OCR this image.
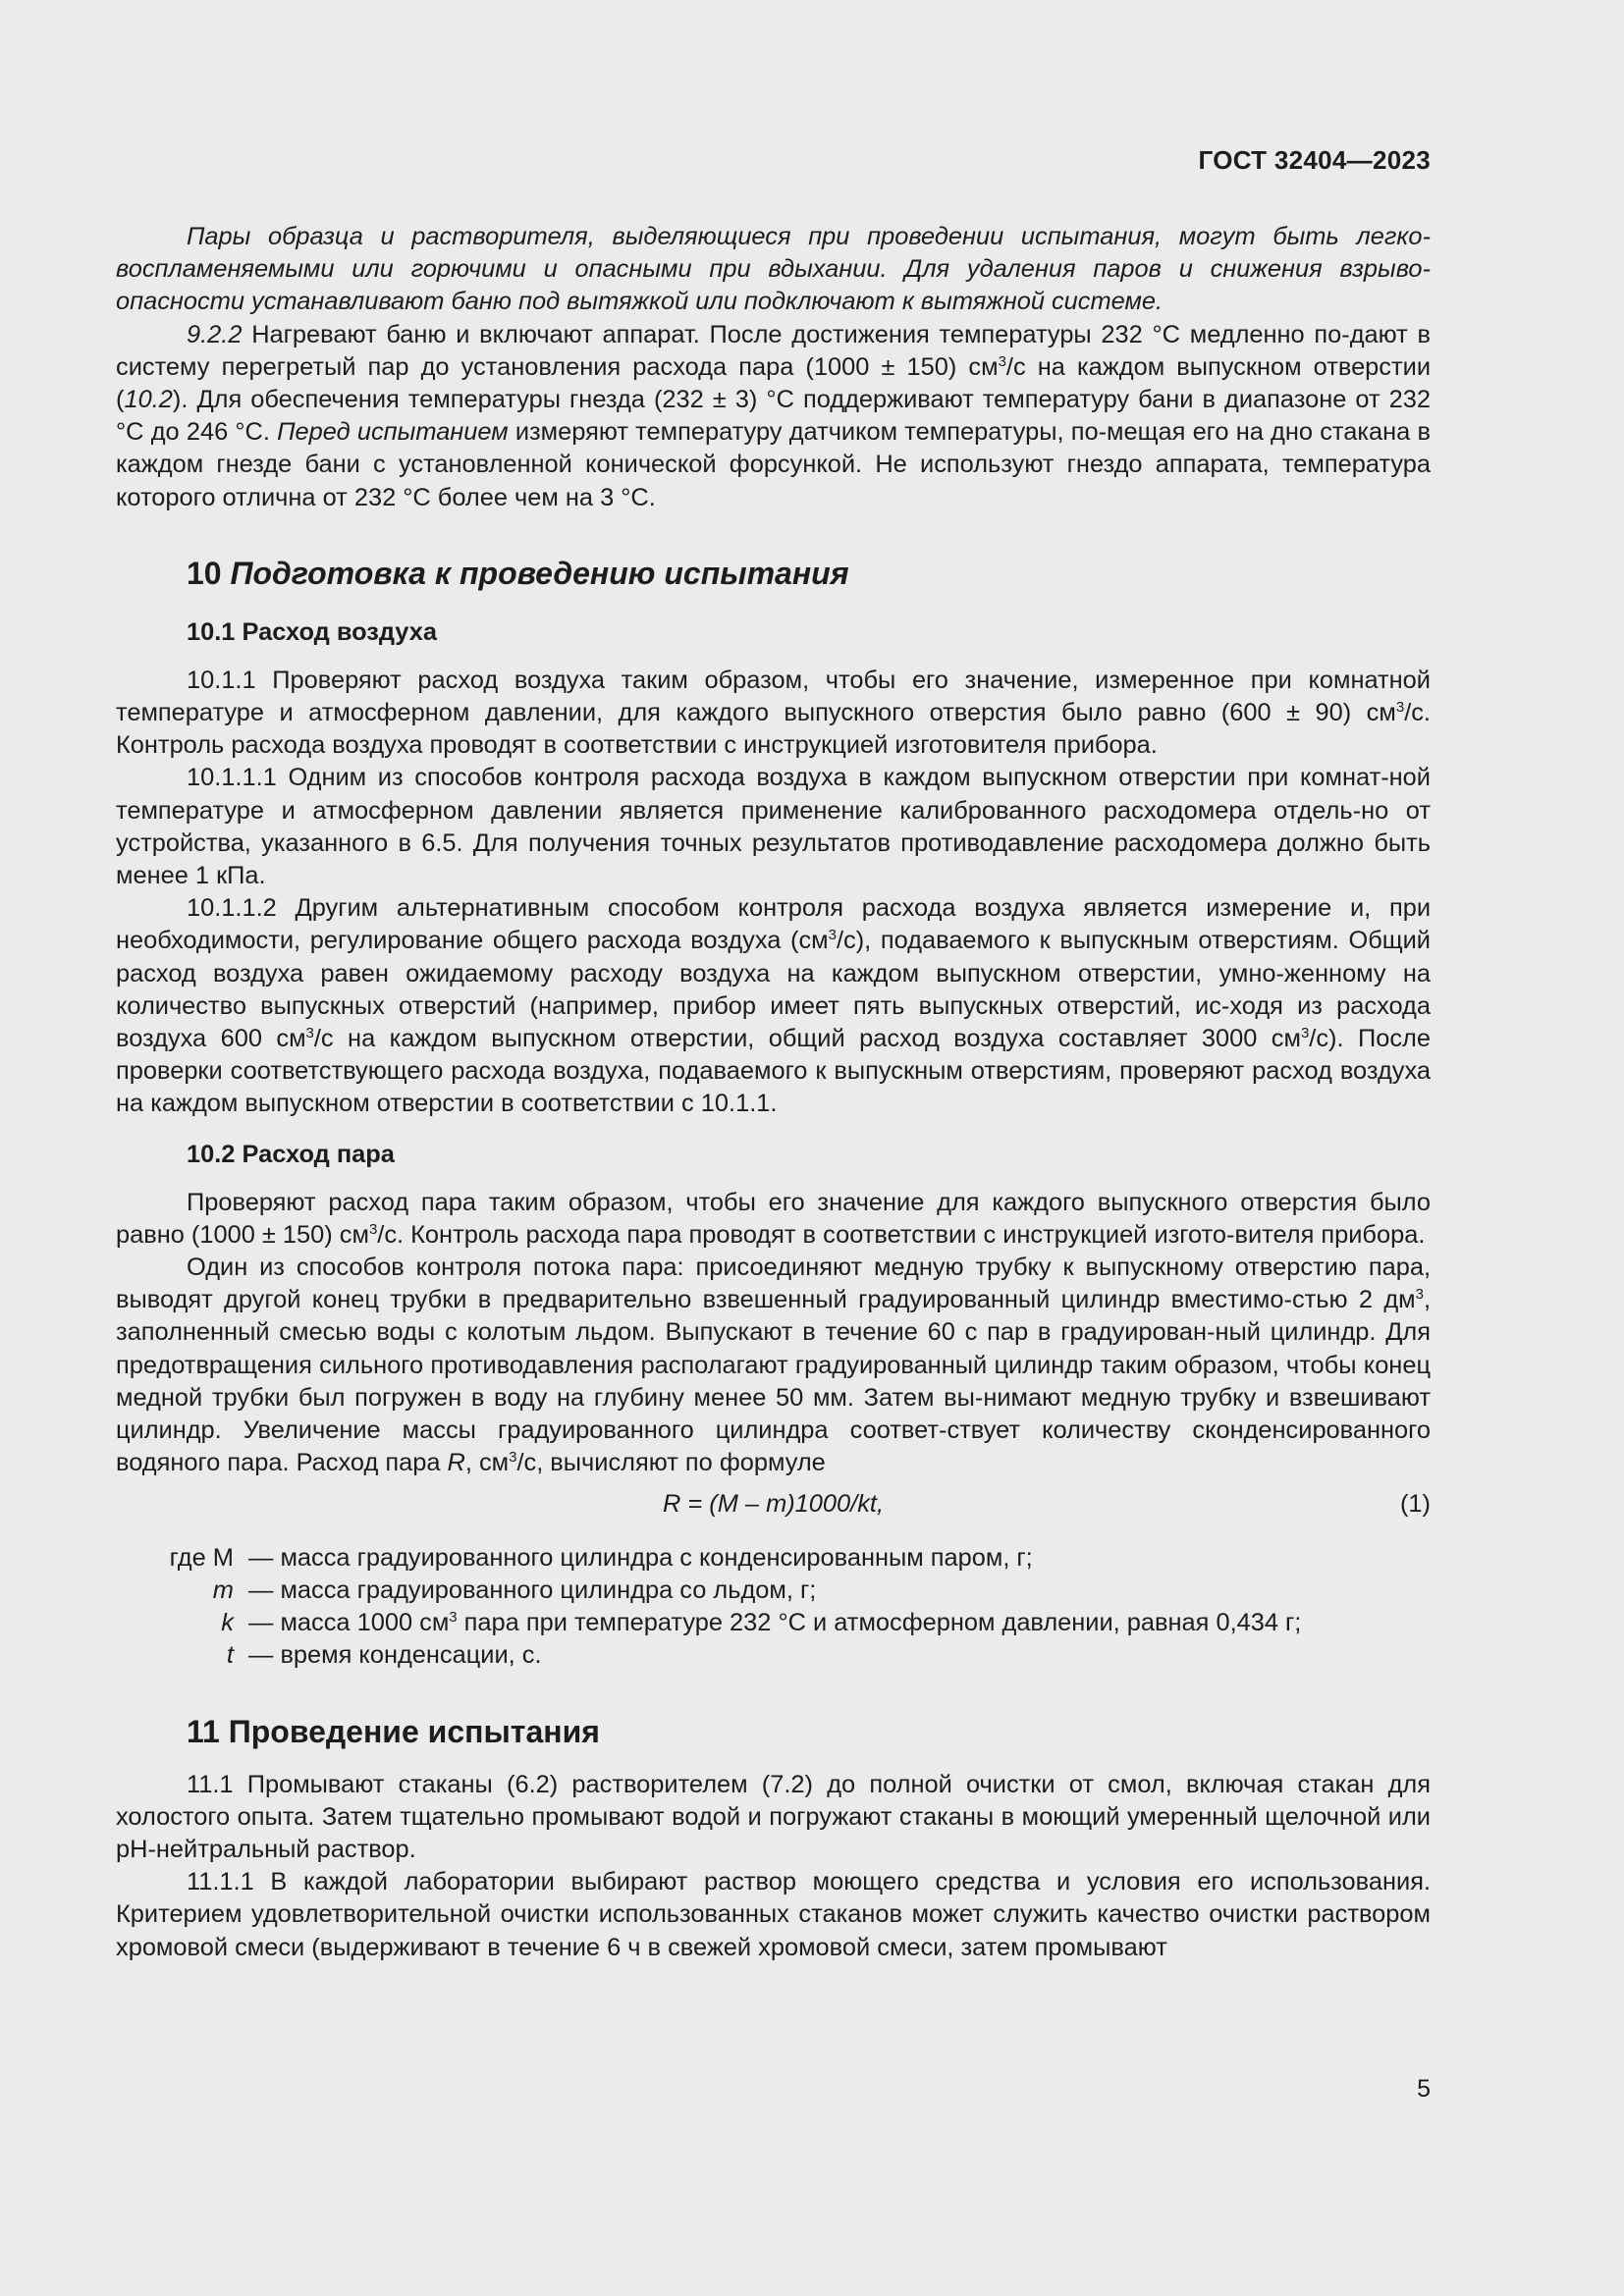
ГОСТ 32404—2023

Пары образца и растворителя, выделяющиеся при проведении испытания, могут быть легко-воспламеняемыми или горючими и опасными при вдыхании. Для удаления паров и снижения взрыво-опасности устанавливают баню под вытяжкой или подключают к вытяжной системе.

9.2.2 Нагревают баню и включают аппарат. После достижения температуры 232 °C медленно по-дают в систему перегретый пар до установления расхода пара (1000 ± 150) $см^3/с$ на каждом выпускном отверстии (10.2). Для обеспечения температуры гнезда (232 ± 3) °C поддерживают температуру бани в диапазоне от 232 °C до 246 °C. Перед испытанием измеряют температуру датчиком температуры, по-мещая его на дно стакана в каждом гнезде бани с установленной конической форсункой. Не используют гнездо аппарата, температура которого отлична от 232 °C более чем на 3 °C.

10 Подготовка к проведению испытания
10.1 Расход воздуха

10.1.1 Проверяют расход воздуха таким образом, чтобы его значение, измеренное при комнатной температуре и атмосферном давлении, для каждого выпускного отверстия было равно (600 ± 90) $см^3/с$. Контроль расхода воздуха проводят в соответствии с инструкцией изготовителя прибора.

10.1.1.1 Одним из способов контроля расхода воздуха в каждом выпускном отверстии при комнат-ной температуре и атмосферном давлении является применение калиброванного расходомера отдель-но от устройства, указанного в 6.5. Для получения точных результатов противодавление расходомера должно быть менее 1 кПа.

10.1.1.2 Другим альтернативным способом контроля расхода воздуха является измерение и, при необходимости, регулирование общего расхода воздуха $(см^3/с)$, подаваемого к выпускным отверстиям. Общий расход воздуха равен ожидаемому расходу воздуха на каждом выпускном отверстии, умно-женному на количество выпускных отверстий (например, прибор имеет пять выпускных отверстий, ис-ходя из расхода воздуха 600 $см^3/с$ на каждом выпускном отверстии, общий расход воздуха составляет 3000 $см^3/с$). После проверки соответствующего расхода воздуха, подаваемого к выпускным отверстиям, проверяют расход воздуха на каждом выпускном отверстии в соответствии с 10.1.1.

10.2 Расход пара

Проверяют расход пара таким образом, чтобы его значение для каждого выпускного отверстия было равно (1000 ± 150) $см^3/с$. Контроль расхода пара проводят в соответствии с инструкцией изгото-вителя прибора.

Один из способов контроля потока пара: присоединяют медную трубку к выпускному отверстию пара, выводят другой конец трубки в предварительно взвешенный градуированный цилиндр вместимо-стью 2 $дм^3$, заполненный смесью воды с колотым льдом. Выпускают в течение 60 с пар в градуирован-ный цилиндр. Для предотвращения сильного противодавления располагают градуированный цилиндр таким образом, чтобы конец медной трубки был погружен в воду на глубину менее 50 мм. Затем вы-нимают медную трубку и взвешивают цилиндр. Увеличение массы градуированного цилиндра соответ-ствует количеству сконденсированного водяного пара. Расход пара R, $см^3/с$, вычисляют по формуле

R = (M – m)1000/kt,	(1)
где M — масса градуированного цилиндра с конденсированным паром, г;
m — масса градуированного цилиндра со льдом, г;
k — масса 1000 $см^3$ пара при температуре 232 °C и атмосферном давлении, равная 0,434 г;
t — время конденсации, с.
11 Проведение испытания

11.1 Промывают стаканы (6.2) растворителем (7.2) до полной очистки от смол, включая стакан для холостого опыта. Затем тщательно промывают водой и погружают стаканы в моющий умеренный щелочной или рН-нейтральный раствор.

11.1.1 В каждой лаборатории выбирают раствор моющего средства и условия его использования. Критерием удовлетворительной очистки использованных стаканов может служить качество очистки раствором хромовой смеси (выдерживают в течение 6 ч в свежей хромовой смеси, затем промывают

5
